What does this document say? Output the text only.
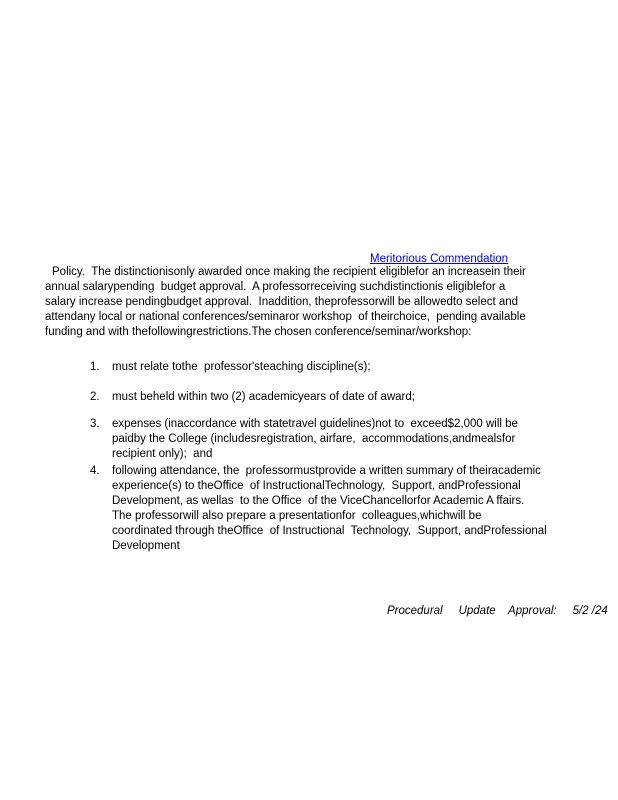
Meritorious Commendation
Policy.  The distinctionisonly awarded once making the recipient eligiblefor an increasein their
annual salarypending  budget approval.  A professorreceiving suchdistinctionis eligiblefor a
salary increase pendingbudget approval.  Inaddition, theprofessorwill be allowedto select and
attendany local or national conferences/seminaror workshop  of theirchoice,  pending available
funding and with thefollowingrestrictions.The chosen conference/seminar/workshop:
1.	must relate tothe  professor'steaching discipline(s);
2.	must beheld within two (2) academicyears of date of award;
3.	expenses (inaccordance with statetravel guidelines)not to  exceed$2,000 will be
paidby the College (includesregistration, airfare,  accommodations,andmealsfor
recipient only);  and
4.	following attendance, the  professormustprovide a written summary of theiracademic
experience(s) to theOffice  of InstructionalTechnology,  Support, andProfessional
Development, as wellas  to the Office  of the ViceChancellorfor Academic A ffairs.
The professorwill also prepare a presentationfor  colleagues,whichwill be
coordinated through theOffice  of Instructional  Technology,  Support, andProfessional
Development
Procedural     Update    Approval:     5/2 /24
